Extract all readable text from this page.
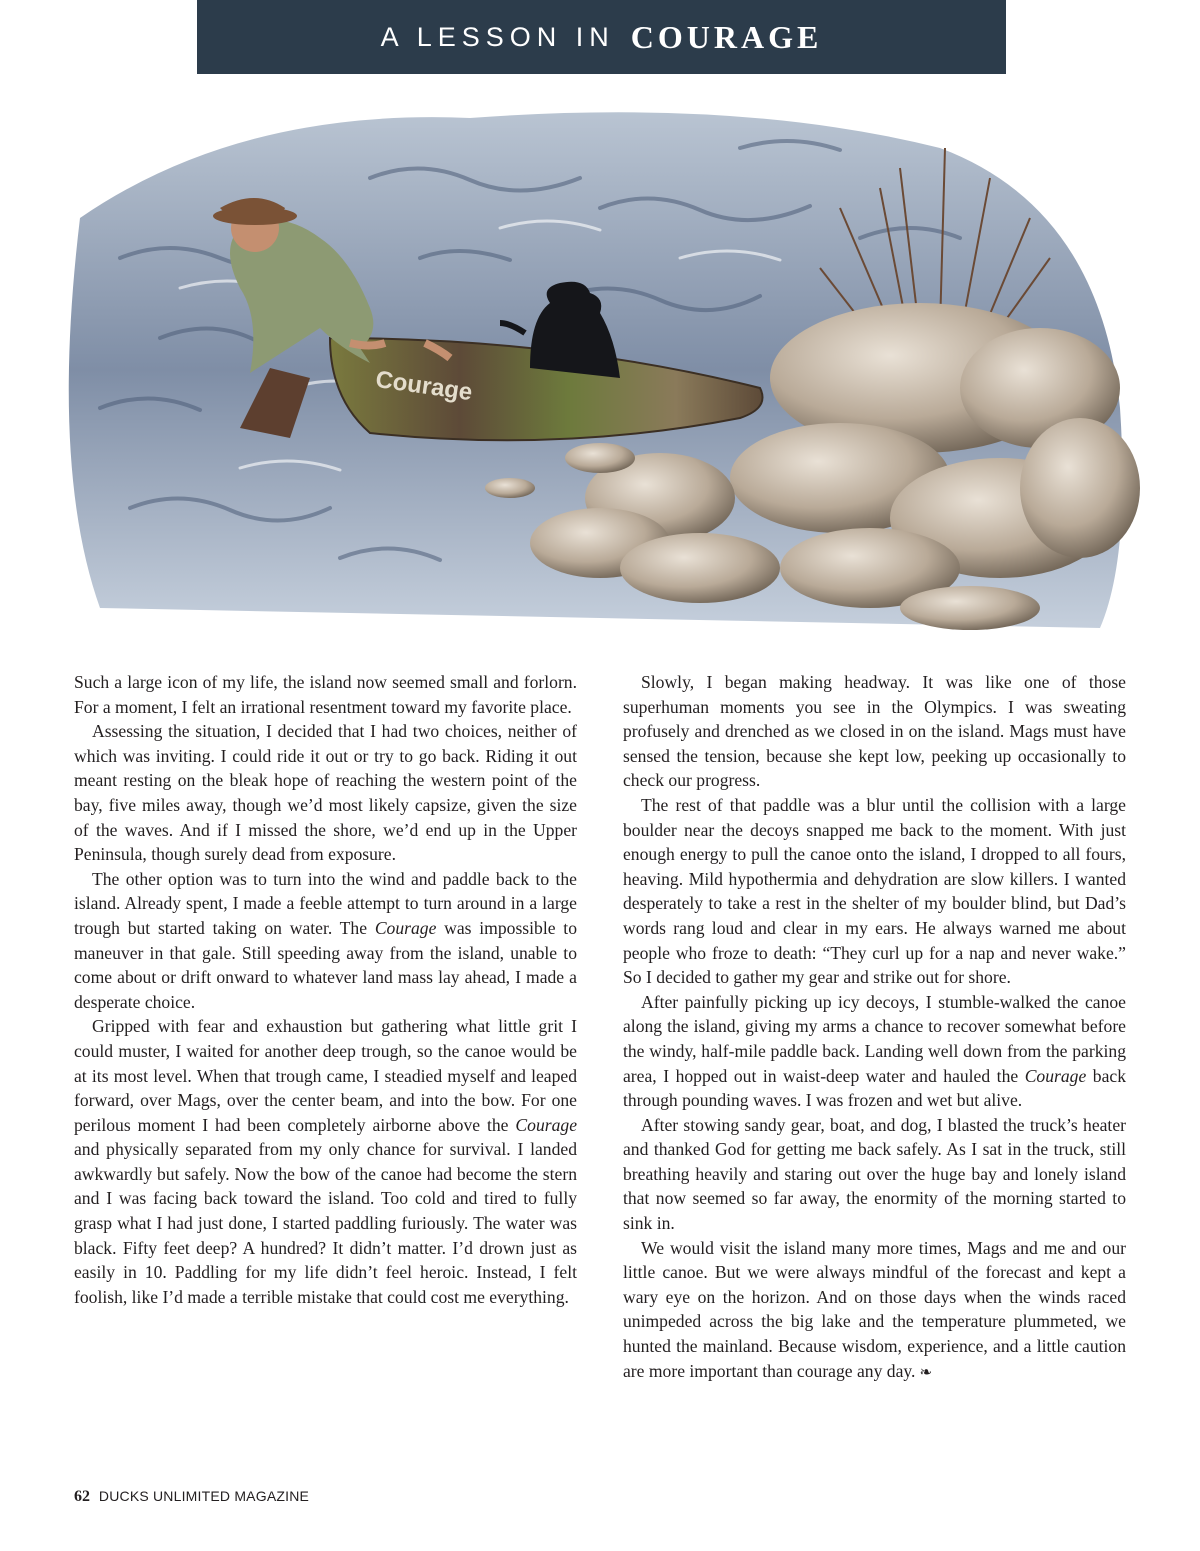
A LESSON IN COURAGE
Courage

Such a large icon of my life, the island now seemed small and forlorn. For a moment, I felt an irrational resentment toward my favorite place.

Assessing the situation, I decided that I had two choices, neither of which was inviting. I could ride it out or try to go back. Riding it out meant resting on the bleak hope of reaching the western point of the bay, five miles away, though we’d most likely capsize, given the size of the waves. And if I missed the shore, we’d end up in the Upper Peninsula, though surely dead from exposure.

The other option was to turn into the wind and paddle back to the island. Already spent, I made a feeble attempt to turn around in a large trough but started taking on water. The Courage was impossible to maneuver in that gale. Still speeding away from the island, unable to come about or drift onward to whatever land mass lay ahead, I made a desperate choice.

Gripped with fear and exhaustion but gathering what little grit I could muster, I waited for another deep trough, so the canoe would be at its most level. When that trough came, I steadied myself and leaped forward, over Mags, over the center beam, and into the bow. For one perilous moment I had been completely airborne above the Courage and physically separated from my only chance for survival. I landed awkwardly but safely. Now the bow of the canoe had become the stern and I was facing back toward the island. Too cold and tired to fully grasp what I had just done, I started paddling furiously. The water was black. Fifty feet deep? A hundred? It didn’t matter. I’d drown just as easily in 10. Paddling for my life didn’t feel heroic. Instead, I felt foolish, like I’d made a terrible mistake that could cost me everything.

Slowly, I began making headway. It was like one of those superhuman moments you see in the Olympics. I was sweating profusely and drenched as we closed in on the island. Mags must have sensed the tension, because she kept low, peeking up occasionally to check our progress.

The rest of that paddle was a blur until the collision with a large boulder near the decoys snapped me back to the moment. With just enough energy to pull the canoe onto the island, I dropped to all fours, heaving. Mild hypothermia and dehydration are slow killers. I wanted desperately to take a rest in the shelter of my boulder blind, but Dad’s words rang loud and clear in my ears. He always warned me about people who froze to death: “They curl up for a nap and never wake.” So I decided to gather my gear and strike out for shore.

After painfully picking up icy decoys, I stumble-walked the canoe along the island, giving my arms a chance to recover somewhat before the windy, half-mile paddle back. Landing well down from the parking area, I hopped out in waist-deep water and hauled the Courage back through pounding waves. I was frozen and wet but alive.

After stowing sandy gear, boat, and dog, I blasted the truck’s heater and thanked God for getting me back safely. As I sat in the truck, still breathing heavily and staring out over the huge bay and lonely island that now seemed so far away, the enormity of the morning started to sink in.

We would visit the island many more times, Mags and me and our little canoe. But we were always mindful of the forecast and kept a wary eye on the horizon. And on those days when the winds raced unimpeded across the big lake and the temperature plummeted, we hunted the mainland. Because wisdom, experience, and a little caution are more important than courage any day. ❧

62 DUCKS UNLIMITED MAGAZINE
